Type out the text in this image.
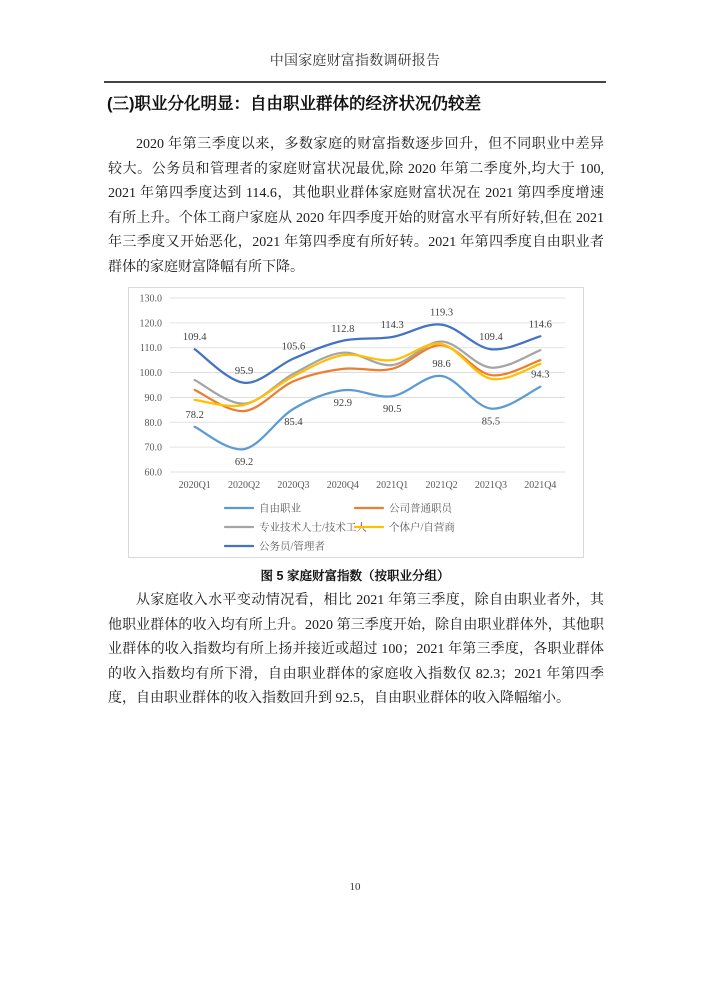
中国家庭财富指数调研报告
(三)职业分化明显：自由职业群体的经济状况仍较差
2020 年第三季度以来，多数家庭的财富指数逐步回升，但不同职业中差异
较大。公务员和管理者的家庭财富状况最优,除 2020 年第二季度外,均大于 100,
2021 年第四季度达到 114.6，其他职业群体家庭财富状况在 2021 第四季度增速
有所上升。个体工商户家庭从 2020 年四季度开始的财富水平有所好转,但在 2021
年三季度又开始恶化，2021 年第四季度有所好转。2021 年第四季度自由职业者
群体的家庭财富降幅有所下降。
60.0
70.0
80.0
90.0
100.0
110.0
120.0
130.0
2020Q1 2020Q2 2020Q3 2020Q4 2021Q1 2021Q2 2021Q3 2021Q4
78.2
69.2
85.4
92.9
90.5
98.6
85.5
94.3
109.4
95.9
105.6
112.8 114.3
119.3
109.4
114.6
自由职业	公司普通职员
专业技术人士/技术工人 个体户/自营商
公务员/管理者
图 5 家庭财富指数（按职业分组）
从家庭收入水平变动情况看，相比 2021 年第三季度，除自由职业者外，其
他职业群体的收入均有所上升。2020 第三季度开始，除自由职业群体外，其他职
业群体的收入指数均有所上扬并接近或超过 100；2021 年第三季度，各职业群体
的收入指数均有所下滑，自由职业群体的家庭收入指数仅 82.3；2021 年第四季
度，自由职业群体的收入指数回升到 92.5，自由职业群体的收入降幅缩小。
10
